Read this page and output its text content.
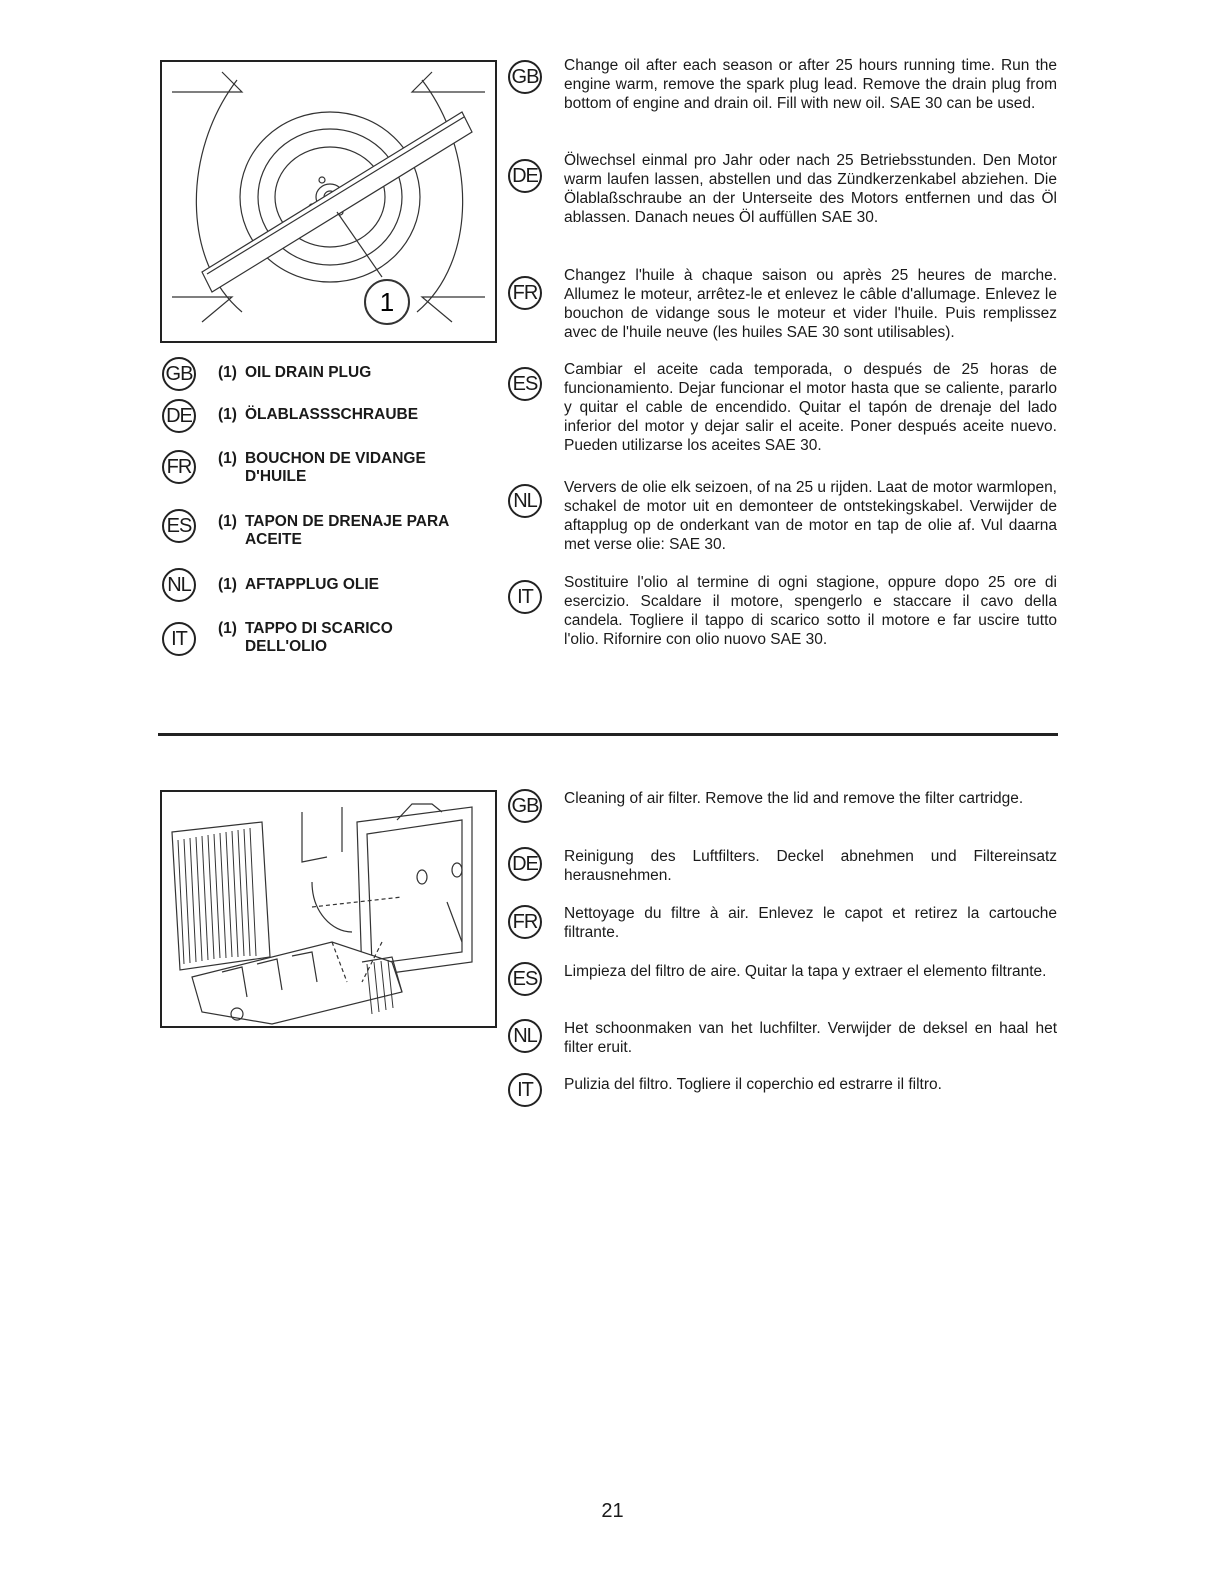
1
GB (1) OIL DRAIN PLUG
DE (1) ÖLABLASSSCHRAUBE
FR	(1) BOUCHON DE VIDANGE D'HUILE
ES	(1) TAPON DE DRENAJE PARA ACEITE
NL	(1) AFTAPPLUG OLIE
IT	(1) TAPPO DI SCARICO DELL'OLIO
GB Change oil after each season or after 25 hours running time. Run the engine warm, remove the spark plug lead. Remove the drain plug from bottom of engine and drain oil. Fill with new oil. SAE 30 can be used.

DE

Ölwechsel einmal pro Jahr oder nach 25 Betriebsstunden. Den Motor warm laufen lassen, abstellen und das Zündkerzenkabel abziehen. Die Ölablaßschraube an der Unterseite des Motors entfernen und das Öl ablassen. Danach neues Öl auffüllen SAE 30.

FR

Changez l'huile à chaque saison ou après 25 heures de marche. Allumez le moteur, arrêtez-le et enlevez le câble d'allumage. Enlevez le bouchon de vidange sous le moteur et vider l'huile. Puis remplissez avec de l'huile neuve (les huiles SAE 30 sont utilisables).

ES

Cambiar el aceite cada temporada, o después de 25 horas de funcionamiento. Dejar funcionar el motor hasta que se caliente, pararlo y quitar el cable de encendido. Quitar el tapón de drenaje del lado inferior del motor y dejar salir el aceite. Poner después aceite nuevo. Pueden utilizarse los aceites SAE 30.

NL

Ververs de olie elk seizoen, of na 25 u rijden. Laat de motor warmlopen, schakel de motor uit en demonteer de ontstekingskabel. Verwijder de aftapplug op de onderkant van de motor en tap de olie af. Vul daarna met verse olie: SAE 30.

IT

Sostituire l'olio al termine di ogni stagione, oppure dopo 25 ore di esercizio. Scaldare il motore, spengerlo e staccare il cavo della candela. Togliere il tappo di scarico sotto il motore e far uscire tutto l'olio. Rifornire con olio nuovo SAE 30.

GB Cleaning of air filter. Remove the lid and remove the filter cartridge.

DE Reinigung des Luftfilters. Deckel abnehmen und Filtereinsatz herausnehmen.

FR	Nettoyage du filtre à air. Enlevez le capot et retirez la cartouche filtrante.

ES	Limpieza del filtro de aire. Quitar la tapa y extraer el elemento filtrante.

NL	Het schoonmaken van het luchfilter. Verwijder de deksel en haal het filter eruit.

IT	Pulizia del filtro. Togliere il coperchio ed estrarre il filtro.

21
